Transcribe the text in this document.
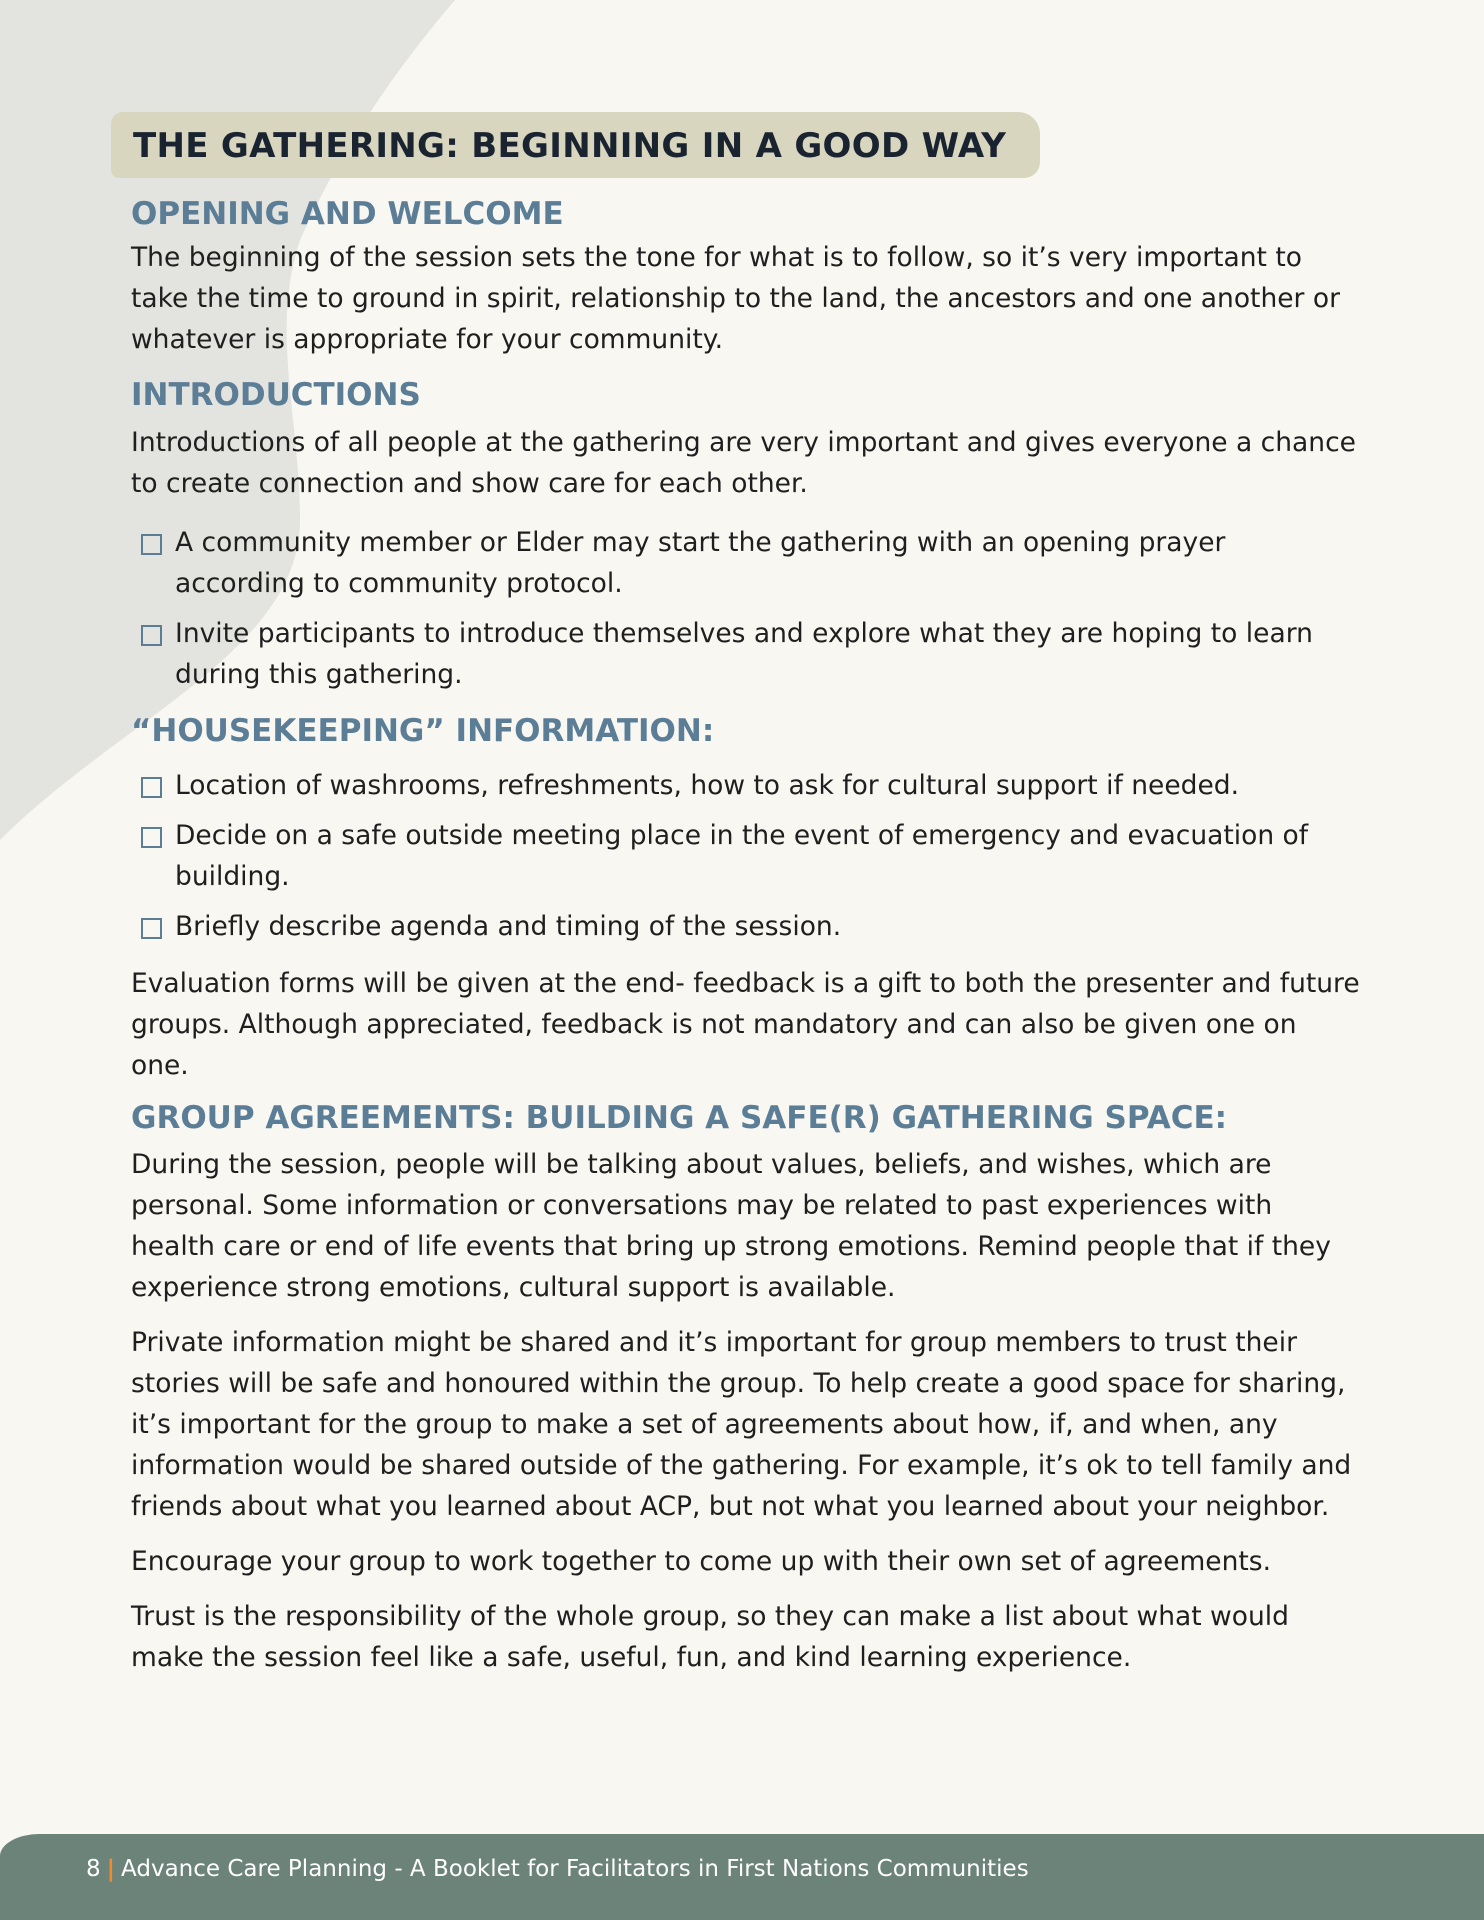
THE GATHERING: BEGINNING IN A GOOD WAY
OPENING AND WELCOME

The beginning of the session sets the tone for what is to follow, so it’s very important to take the time to ground in spirit, relationship to the land, the ancestors and one another or whatever is appropriate for your community.

INTRODUCTIONS

Introductions of all people at the gathering are very important and gives everyone a chance to create connection and show care for each other.

A community member or Elder may start the gathering with an opening prayer according to community protocol.
Invite participants to introduce themselves and explore what they are hoping to learn during this gathering.
“HOUSEKEEPING” INFORMATION:
Location of washrooms, refreshments, how to ask for cultural support if needed.
Decide on a safe outside meeting place in the event of emergency and evacuation of building.
Briefly describe agenda and timing of the session.

Evaluation forms will be given at the end- feedback is a gift to both the presenter and future groups. Although appreciated, feedback is not mandatory and can also be given one on one.

GROUP AGREEMENTS: BUILDING A SAFE(R) GATHERING SPACE:

During the session, people will be talking about values, beliefs, and wishes, which are personal. Some information or conversations may be related to past experiences with health care or end of life events that bring up strong emotions. Remind people that if they experience strong emotions, cultural support is available.

Private information might be shared and it’s important for group members to trust their stories will be safe and honoured within the group. To help create a good space for sharing, it’s important for the group to make a set of agreements about how, if, and when, any information would be shared outside of the gathering. For example, it’s ok to tell family and friends about what you learned about ACP, but not what you learned about your neighbor.

Encourage your group to work together to come up with their own set of agreements.

Trust is the responsibility of the whole group, so they can make a list about what would make the session feel like a safe, useful, fun, and kind learning experience.

8 | Advance Care Planning - A Booklet for Facilitators in First Nations Communities
